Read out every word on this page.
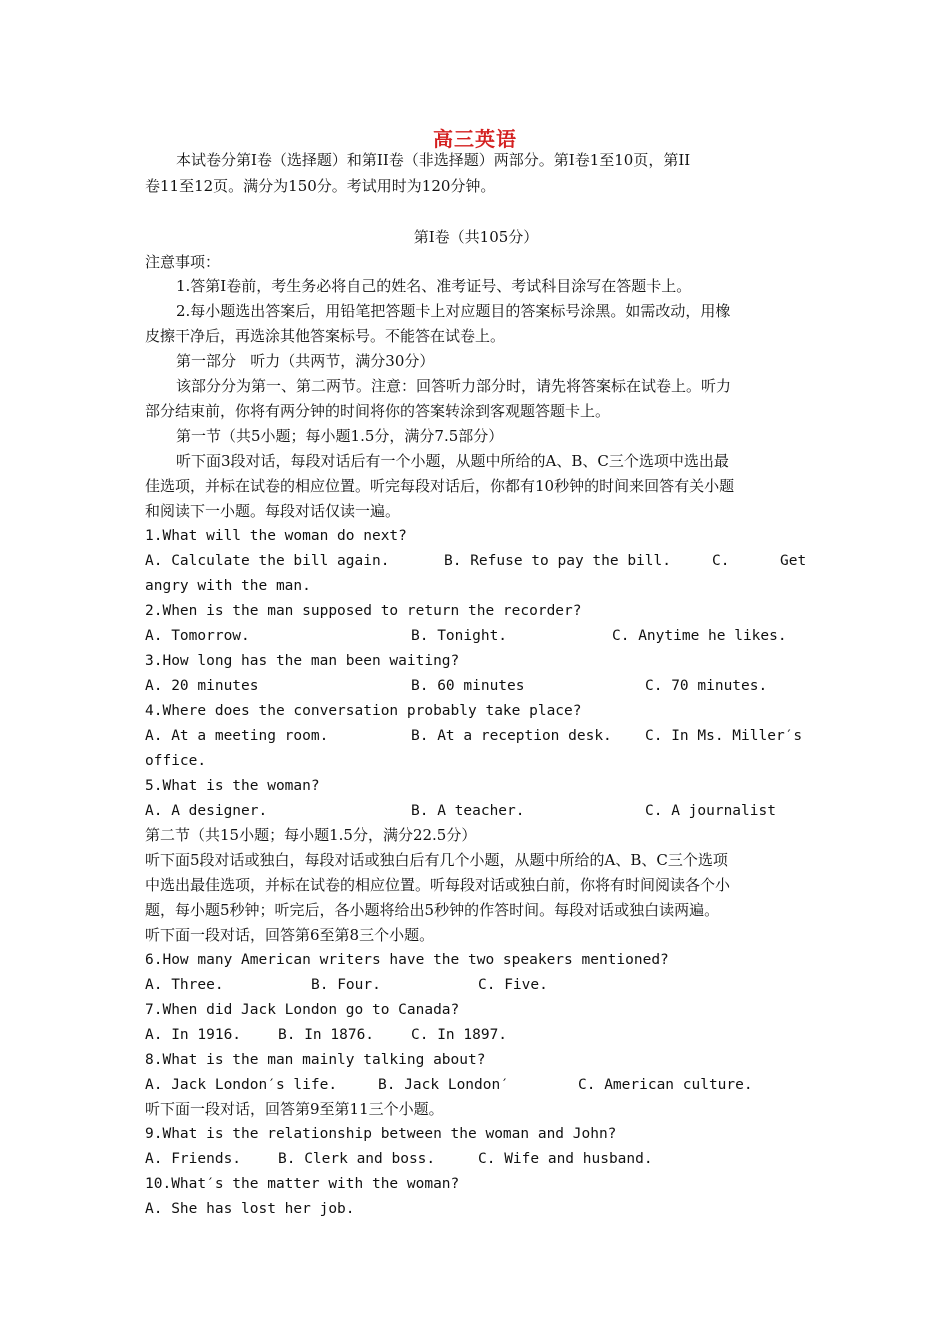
高三英语
本试卷分第Ⅰ卷（选择题）和第II卷（非选择题）两部分。第Ⅰ卷1至10页，第II
卷11至12页。满分为150分。考试用时为120分钟。
第Ⅰ卷（共105分）
注意事项：
1.答第Ⅰ卷前，考生务必将自己的姓名、准考证号、考试科目涂写在答题卡上。
2.每小题选出答案后，用铅笔把答题卡上对应题目的答案标号涂黑。如需改动，用橡
皮擦干净后，再选涂其他答案标号。不能答在试卷上。
第一部分   听力（共两节，满分30分）
该部分分为第一、第二两节。注意：回答听力部分时，请先将答案标在试卷上。听力
部分结束前，你将有两分钟的时间将你的答案转涂到客观题答题卡上。
第一节（共5小题；每小题1.5分，满分7.5部分）
听下面3段对话，每段对话后有一个小题，从题中所给的A、B、C三个选项中选出最
佳选项，并标在试卷的相应位置。听完每段对话后，你都有10秒钟的时间来回答有关小题
和阅读下一小题。每段对话仅读一遍。
1.What will the woman do next?
A. Calculate the bill again.	B. Refuse to pay the bill.	C.	Get
angry with the man.
2.When is the man supposed to return the recorder?
A. Tomorrow.	B. Tonight.	C. Anytime he likes.
3.How long has the man been waiting?
A. 20 minutes	B. 60 minutes	C. 70 minutes.
4.Where does the conversation probably take place?
A. At a meeting room.	B. At a reception desk. C. In Ms. Miller′s
office.
5.What is the woman?
A. A designer.	B. A teacher.	C. A journalist
第二节（共15小题；每小题1.5分，满分22.5分）
听下面5段对话或独白，每段对话或独白后有几个小题，从题中所给的A、B、C三个选项
中选出最佳选项，并标在试卷的相应位置。听每段对话或独白前，你将有时间阅读各个小
题，每小题5秒钟；听完后，各小题将给出5秒钟的作答时间。每段对话或独白读两遍。
听下面一段对话，回答第6至第8三个小题。
6.How many American writers have the two speakers mentioned?
A. Three.	B. Four.	C. Five.
7.When did Jack London go to Canada?
A. In 1916.	B. In 1876.	C. In 1897.
8.What is the man mainly talking about?
A. Jack London′s life.	B. Jack London′	C. American culture.
听下面一段对话，回答第9至第11三个小题。
9.What is the relationship between the woman and John?
A. Friends.	B. Clerk and boss.	C. Wife and husband.
10.What′s the matter with the woman?
A. She has lost her job.
